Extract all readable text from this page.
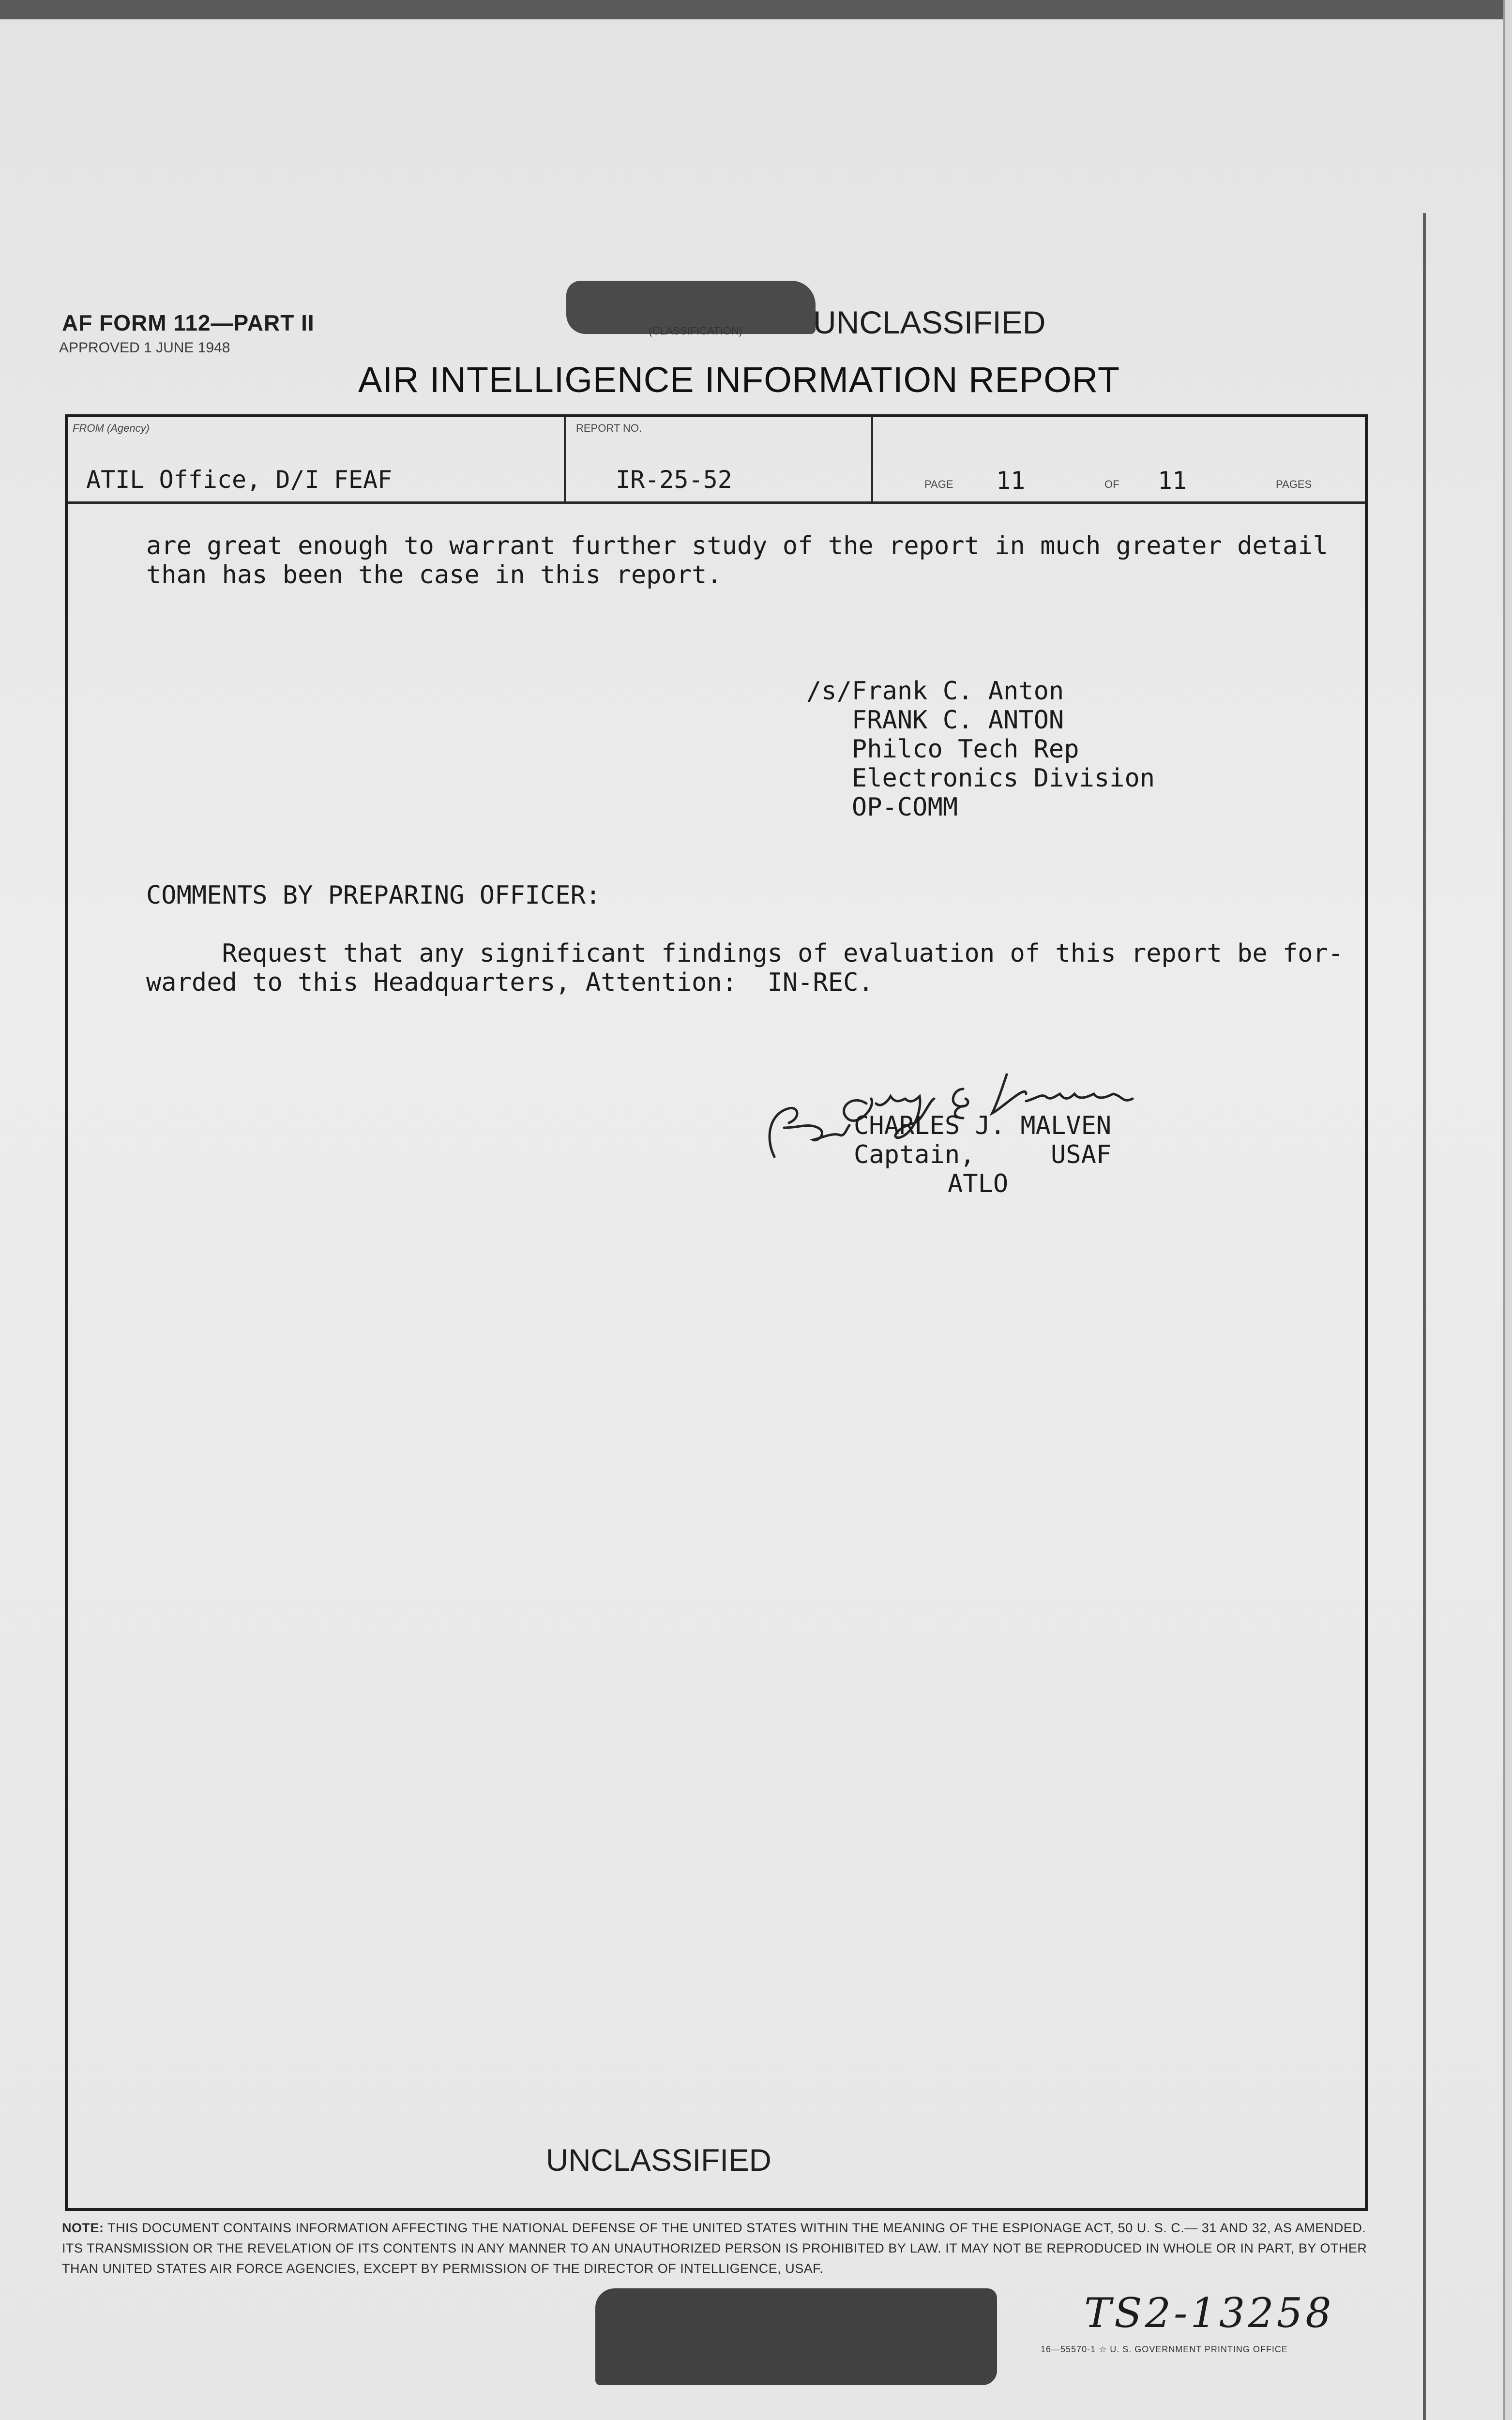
AF FORM 112—PART II
APPROVED 1 JUNE 1948
(CLASSIFICATION) UNCLASSIFIED
AIR INTELLIGENCE INFORMATION REPORT
FROM (Agency)
ATIL Office, D/I FEAF
REPORT NO.
IR-25-52	PAGE 11	OF 11	PAGES
are great enough to warrant further study of the report in much greater detail
than has been the case in this report.
/s/Frank C. Anton
FRANK C. ANTON
Philco Tech Rep
Electronics Division
OP-COMM
COMMENTS BY PREPARING OFFICER:
Request that any significant findings of evaluation of this report be for-
warded to this Headquarters, Attention:  IN-REC.
CHARLES J. MALVEN
Captain,     USAF
ATLO
UNCLASSIFIED
NOTE: THIS DOCUMENT CONTAINS INFORMATION AFFECTING THE NATIONAL DEFENSE OF THE UNITED STATES WITHIN THE MEANING OF THE ESPIONAGE ACT, 50 U. S. C.— 31 AND 32, AS AMENDED. ITS TRANSMISSION OR THE REVELATION OF ITS CONTENTS IN ANY MANNER TO AN UNAUTHORIZED PERSON IS PROHIBITED BY LAW. IT MAY NOT BE REPRODUCED IN WHOLE OR IN PART, BY OTHER THAN UNITED STATES AIR FORCE AGENCIES, EXCEPT BY PERMISSION OF THE DIRECTOR OF INTELLIGENCE, USAF.
TS2-13258
16—55570-1 ☆ U. S. GOVERNMENT PRINTING OFFICE
